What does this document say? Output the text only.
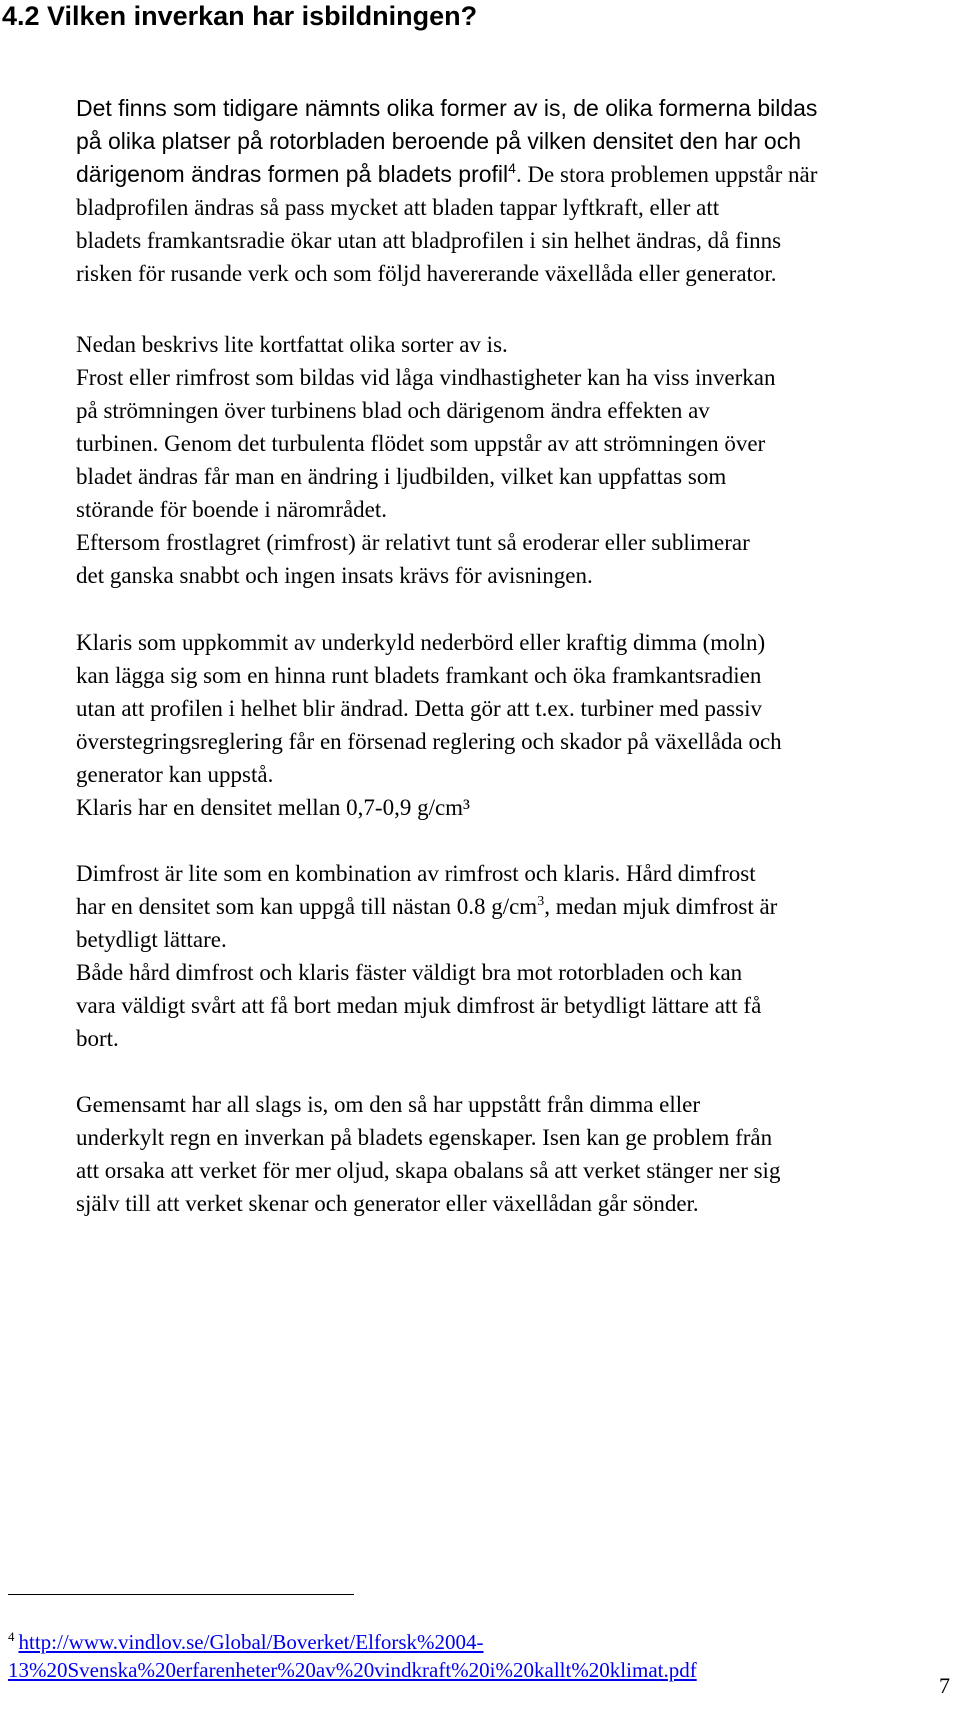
4.2 Vilken inverkan har isbildningen?
Det finns som tidigare nämnts olika former av is, de olika formerna bildas
på olika platser på rotorbladen beroende på vilken densitet den har och
därigenom ändras formen på bladets profil$^4$. De stora problemen uppstår när
bladprofilen ändras så pass mycket att bladen tappar lyftkraft, eller att
bladets framkantsradie ökar utan att bladprofilen i sin helhet ändras, då finns
risken för rusande verk och som följd havererande växellåda eller generator.
Nedan beskrivs lite kortfattat olika sorter av is.
Frost eller rimfrost som bildas vid låga vindhastigheter kan ha viss inverkan
på strömningen över turbinens blad och därigenom ändra effekten av
turbinen. Genom det turbulenta flödet som uppstår av att strömningen över
bladet ändras får man en ändring i ljudbilden, vilket kan uppfattas som
störande för boende i närområdet.
Eftersom frostlagret (rimfrost) är relativt tunt så eroderar eller sublimerar
det ganska snabbt och ingen insats krävs för avisningen.
Klaris som uppkommit av underkyld nederbörd eller kraftig dimma (moln)
kan lägga sig som en hinna runt bladets framkant och öka framkantsradien
utan att profilen i helhet blir ändrad. Detta gör att t.ex. turbiner med passiv
överstegringsreglering får en försenad reglering och skador på växellåda och
generator kan uppstå.
Klaris har en densitet mellan 0,7-0,9 g/cm³
Dimfrost är lite som en kombination av rimfrost och klaris. Hård dimfrost
har en densitet som kan uppgå till nästan 0.8 $g/cm^3$, medan mjuk dimfrost är
betydligt lättare.
Både hård dimfrost och klaris fäster väldigt bra mot rotorbladen och kan
vara väldigt svårt att få bort medan mjuk dimfrost är betydligt lättare att få
bort.
Gemensamt har all slags is, om den så har uppstått från dimma eller
underkylt regn en inverkan på bladets egenskaper. Isen kan ge problem från
att orsaka att verket för mer oljud, skapa obalans så att verket stänger ner sig
själv till att verket skenar och generator eller växellådan går sönder.
$^4$ http://www.vindlov.se/Global/Boverket/Elforsk%2004-
13%20Svenska%20erfarenheter%20av%20vindkraft%20i%20kallt%20klimat.pdf
7
